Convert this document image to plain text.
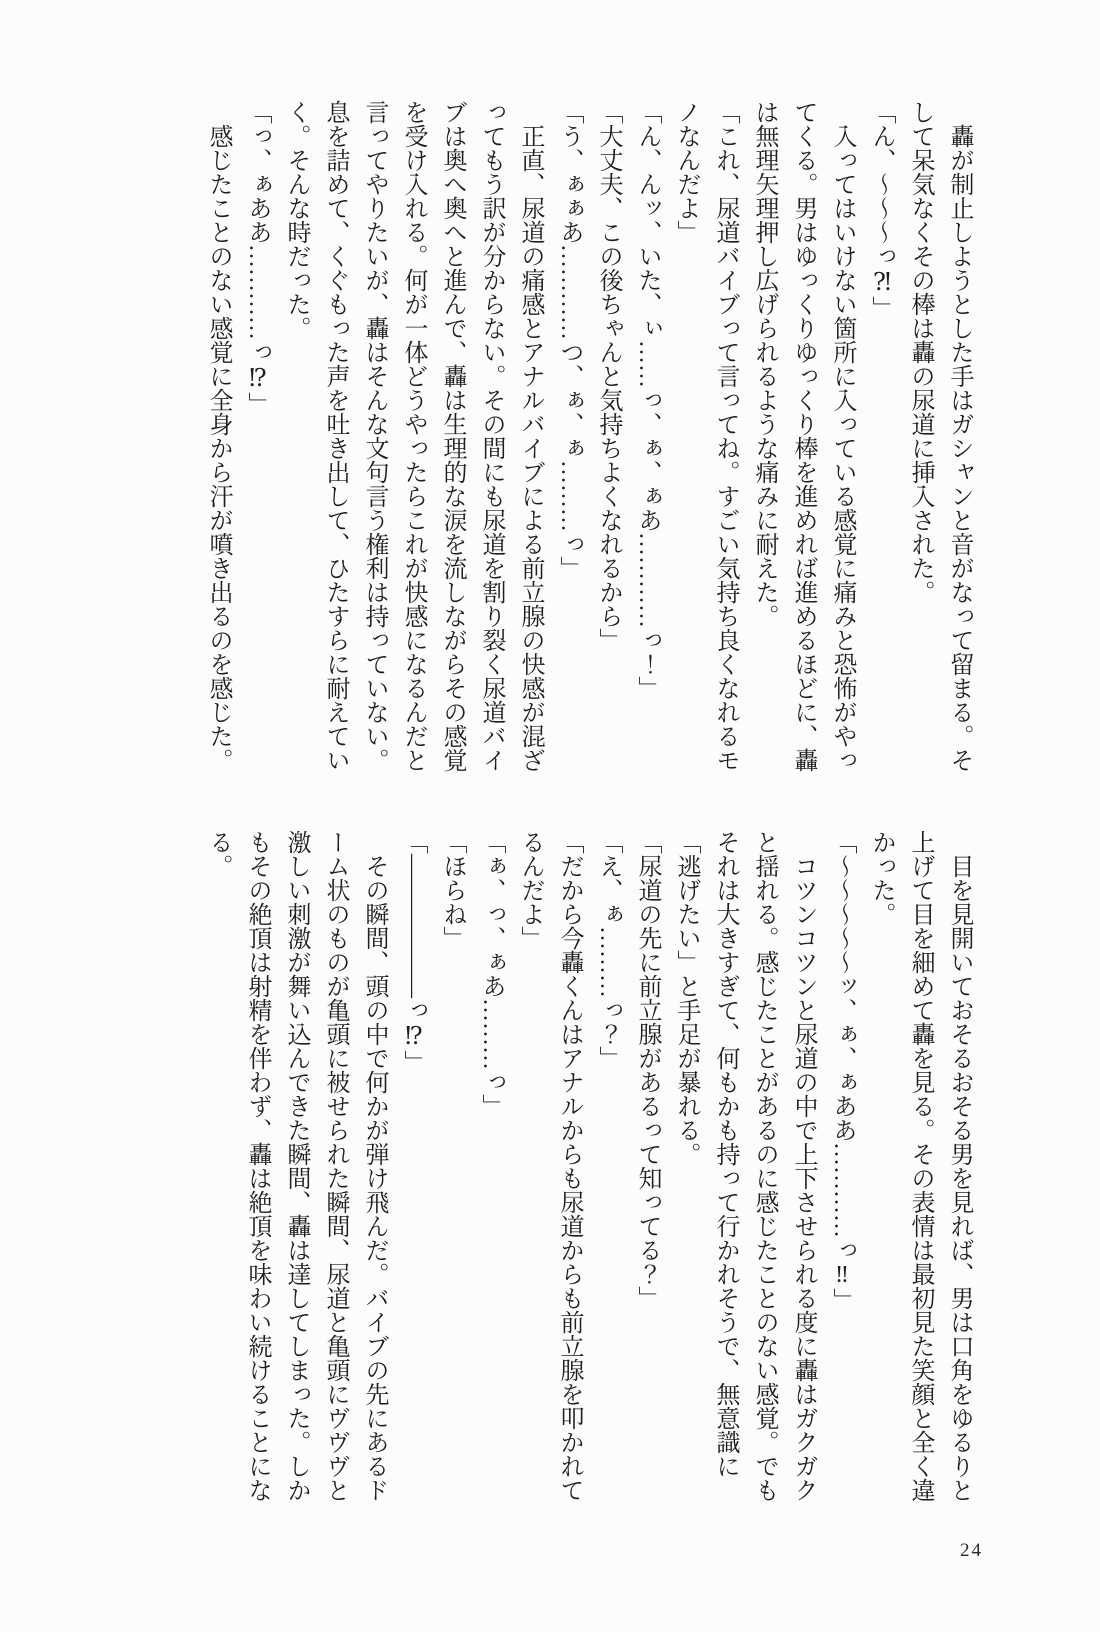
轟が制止しようとした手はガシャンと音がなって留まる。そして呆気なくその棒は轟の尿道に挿入された。

「ん、〜〜〜っ⁈」

入ってはいけない箇所に入っている感覚に痛みと恐怖がやってくる。男はゆっくりゆっくり棒を進めれば進めるほどに、轟は無理矢理押し広げられるような痛みに耐えた。

「これ、尿道バイブって言ってね。すごい気持ち良くなれるモノなんだよ」

「ん、んッ、いた、ぃ……っ、ぁ、ぁあ…………っ！」

「大丈夫、この後ちゃんと気持ちよくなれるから」

「う、ぁぁあ…………つ、ぁ、ぁ………っ」

正直、尿道の痛感とアナルバイブによる前立腺の快感が混ざってもう訳が分からない。その間にも尿道を割り裂く尿道バイブは奥へ奥へと進んで、轟は生理的な涙を流しながらその感覚を受け入れる。何が一体どうやったらこれが快感になるんだと言ってやりたいが、轟はそんな文句言う権利は持っていない。息を詰めて、くぐもった声を吐き出して、ひたすらに耐えていく。そんな時だった。

「っ、ぁああ…………っ⁉」

感じたことのない感覚に全身から汗が噴き出るのを感じた。

目を見開いておそるおそる男を見れば、男は口角をゆるりと上げて目を細めて轟を見る。その表情は最初見た笑顔と全く違かった。

「〜〜〜〜〜ッ、ぁ、ぁああ…………っ‼」

コツンコツンと尿道の中で上下させられる度に轟はガクガクと揺れる。感じたことがあるのに感じたことのない感覚。でもそれは大きすぎて、何もかも持って行かれそうで、無意識に「逃げたい」と手足が暴れる。

「尿道の先に前立腺があるって知ってる？」

「え、ぁ………っ？」

「だから今轟くんはアナルからも尿道からも前立腺を叩かれてるんだよ」

「ぁ、っ、ぁあ………っ」

「ほらね」

「――――――っ⁉」

その瞬間、頭の中で何かが弾け飛んだ。バイブの先にあるドーム状のものが亀頭に被せられた瞬間、尿道と亀頭にヴヴヴと激しい刺激が舞い込んできた瞬間、轟は達してしまった。しかもその絶頂は射精を伴わず、轟は絶頂を味わい続けることになる。

24
